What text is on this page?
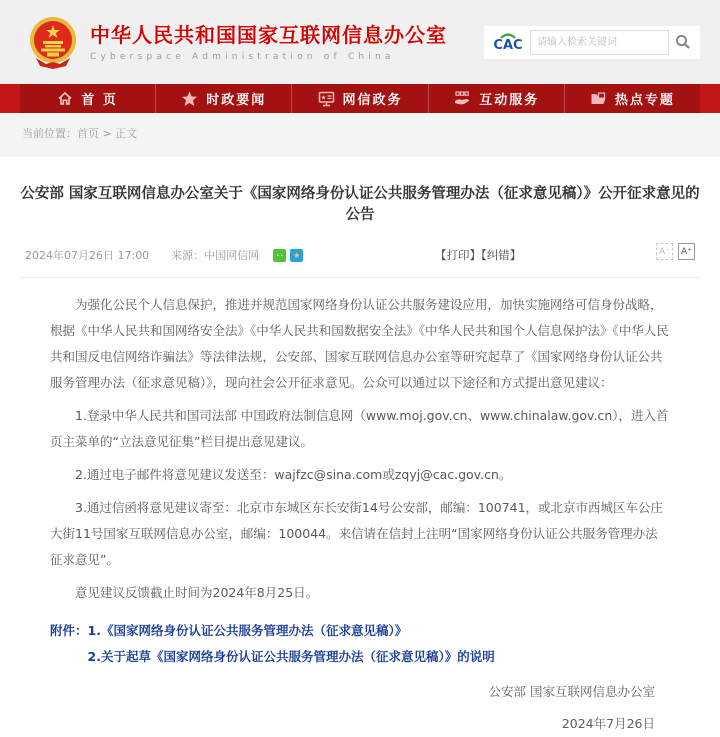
中华人民共和国国家互联网信息办公室
Cyberspace Administration of China
CAC
请输入检索关键词
首 页	时政要闻	网信政务	互动服务	热点专题
当前位置：首页 > 正文
公安部 国家互联网信息办公室关于《国家网络身份认证公共服务管理办法（征求意见稿）》公开征求意见的公告
2024年07月26日 17:00 来源： 中国网信网	･･	★	【打印】【纠错】	A⁻	A⁺

为强化公民个人信息保护，推进并规范国家网络身份认证公共服务建设应用，加快实施网络可信身份战略，根据《中华人民共和国网络安全法》《中华人民共和国数据安全法》《中华人民共和国个人信息保护法》《中华人民共和国反电信网络诈骗法》等法律法规，公安部、国家互联网信息办公室等研究起草了《国家网络身份认证公共服务管理办法（征求意见稿）》，现向社会公开征求意见。公众可以通过以下途径和方式提出意见建议：

1.登录中华人民共和国司法部 中国政府法制信息网（www.moj.gov.cn、www.chinalaw.gov.cn），进入首页主菜单的“立法意见征集”栏目提出意见建议。

2.通过电子邮件将意见建议发送至：wajfzc@sina.com或zqyj@cac.gov.cn。

3.通过信函将意见建议寄至：北京市东城区东长安街14号公安部，邮编：100741，或北京市西城区车公庄大街11号国家互联网信息办公室，邮编：100044。来信请在信封上注明“国家网络身份认证公共服务管理办法征求意见”。

意见建议反馈截止时间为2024年8月25日。

附件：1.《国家网络身份认证公共服务管理办法（征求意见稿）》
2.关于起草《国家网络身份认证公共服务管理办法（征求意见稿）》的说明
公安部 国家互联网信息办公室
2024年7月26日
